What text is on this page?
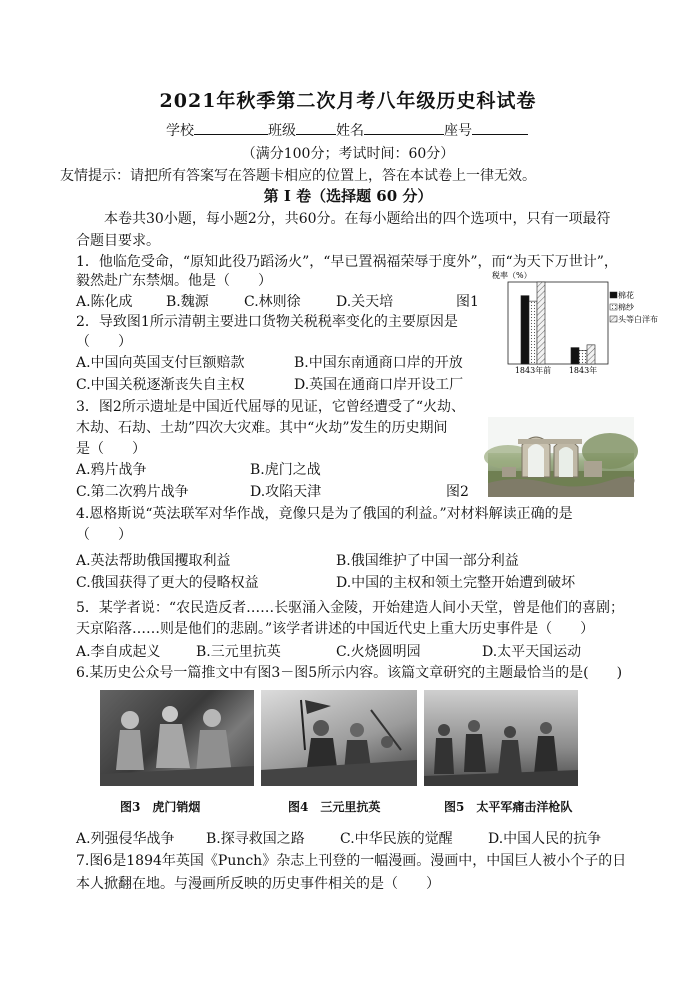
2021年秋季第二次月考八年级历史科试卷
学校	班级	姓名	座号
（满分100分；考试时间：60分）
友情提示：请把所有答案写在答题卡相应的位置上，答在本试卷上一律无效。
第 I 卷（选择题 60 分）
本卷共30小题，每小题2分，共60分。在每小题给出的四个选项中，只有一项最符
合题目要求。
1．他临危受命，“原知此役乃蹈汤火”，“早已置祸福荣辱于度外”，而“为天下万世计”，
毅然赴广东禁烟。他是（　　）
A.陈化成 B.魏源	C.林则徐	D.关天培	图1
税率（%）
1843年前 1843年
棉花
棉纱
头等白洋布
2．导致图1所示清朝主要进口货物关税税率变化的主要原因是
（　　）
A.中国向英国支付巨额赔款	B.中国东南通商口岸的开放
C.中国关税逐渐丧失自主权	D.英国在通商口岸开设工厂
3．图2所示遗址是中国近代屈辱的见证，它曾经遭受了“火劫、
木劫、石劫、土劫”四次大灾难。其中“火劫”发生的历史期间
是（　　）
A.鸦片战争	B.虎门之战
C.第二次鸦片战争	D.攻陷天津	图2
4.恩格斯说“英法联军对华作战，竟像只是为了俄国的利益。”对材料解读正确的是
（　　）
A.英法帮助俄国攫取利益	B.俄国维护了中国一部分利益
C.俄国获得了更大的侵略权益	D.中国的主权和领土完整开始遭到破坏
5．某学者说：“农民造反者……长驱涌入金陵，开始建造人间小天堂，曾是他们的喜剧；
天京陷落……则是他们的悲剧。”该学者讲述的中国近代史上重大历史事件是（　　）
A.李自成起义	B.三元里抗英	C.火烧圆明园	D.太平天国运动
6.某历史公众号一篇推文中有图3－图5所示内容。该篇文章研究的主题最恰当的是(　　)
图3　虎门销烟	图4　三元里抗英	图5　太平军痛击洋枪队
A.列强侵华战争 B.探寻救国之路	C.中华民族的觉醒	D.中国人民的抗争
7.图6是1894年英国《Punch》杂志上刊登的一幅漫画。漫画中，中国巨人被小个子的日
本人掀翻在地。与漫画所反映的历史事件相关的是（　　）
